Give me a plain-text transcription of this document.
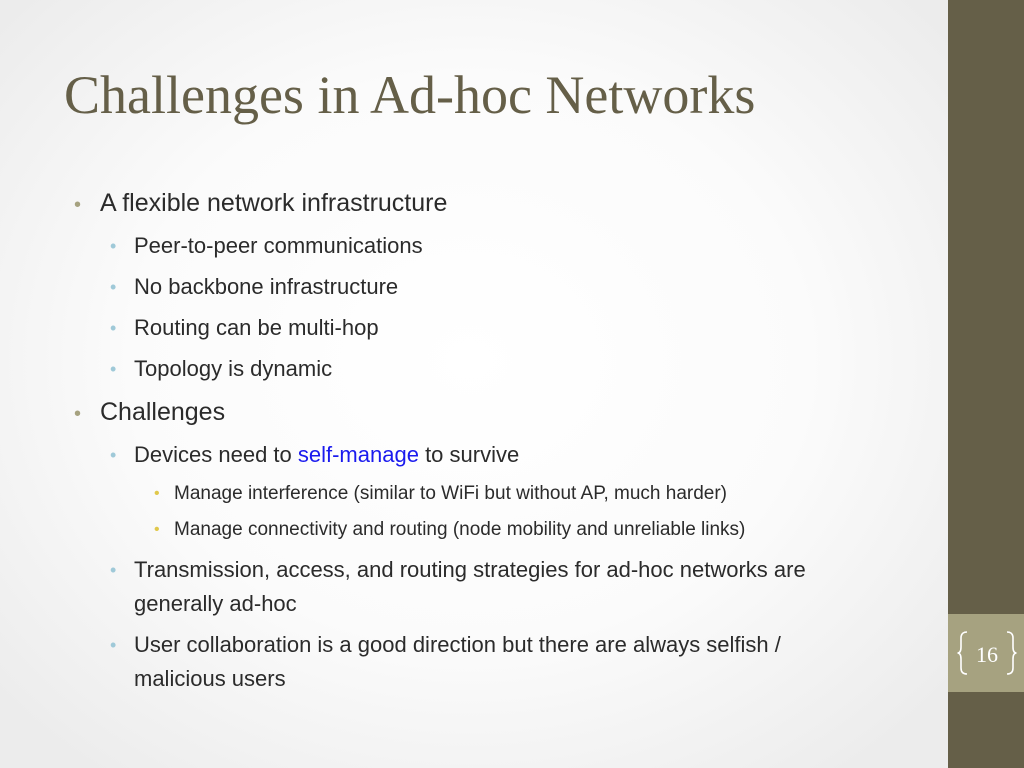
Challenges in Ad-hoc Networks
• A flexible network infrastructure
• Peer-to-peer communications
• No backbone infrastructure
• Routing can be multi-hop
• Topology is dynamic
• Challenges
• Devices need to self-manage to survive
• Manage interference (similar to WiFi but without AP, much harder)
• Manage connectivity and routing (node mobility and unreliable links)
• Transmission, access, and routing strategies for ad-hoc networks are
generally ad-hoc
• User collaboration is a good direction but there are always selfish /
malicious users
16
